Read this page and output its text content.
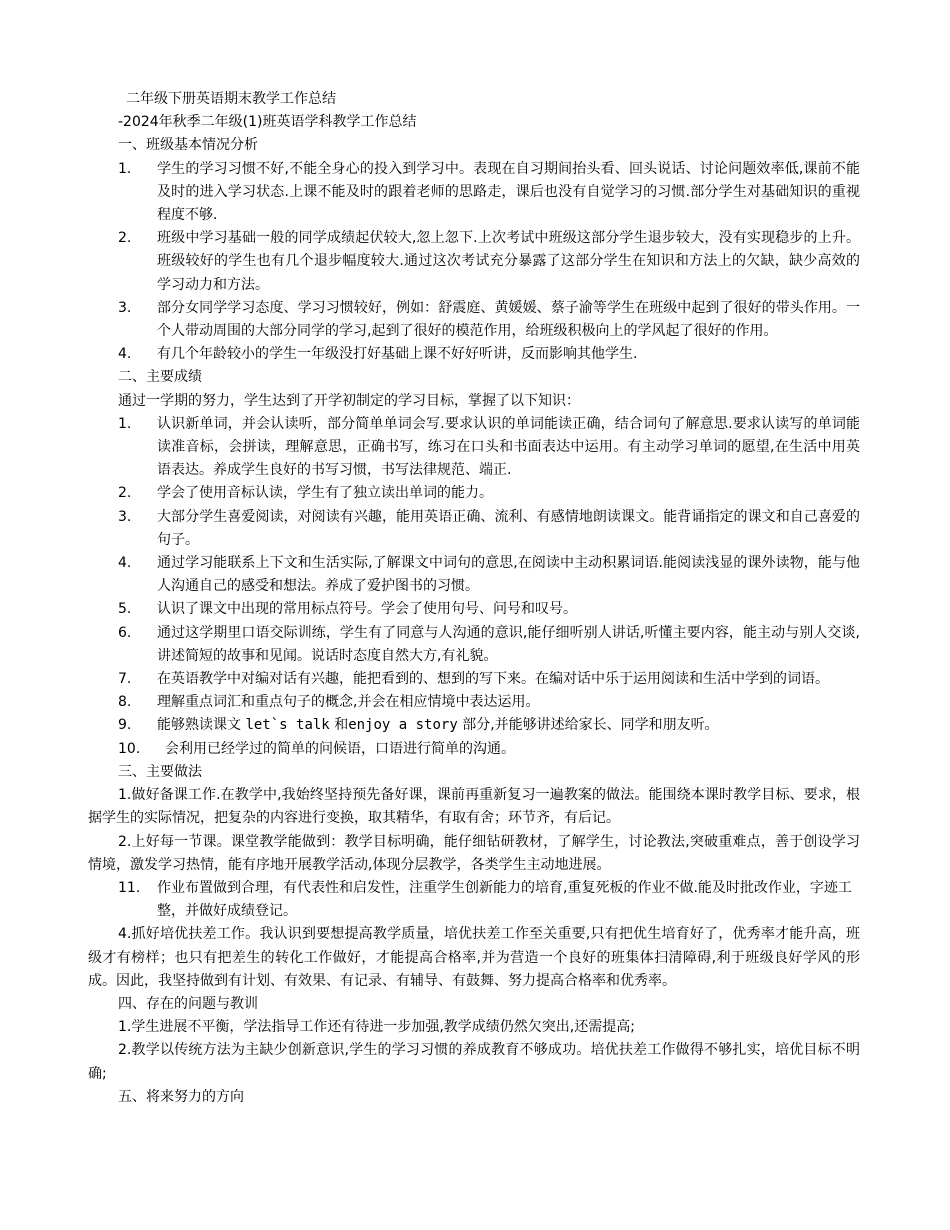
二年级下册英语期末教学工作总结
-2024年秋季二年级(1)班英语学科教学工作总结
一、班级基本情况分析
1.	学生的学习习惯不好,不能全身心的投入到学习中。表现在自习期间抬头看、回头说话、讨论问题效率低,课前不能及时的进入学习状态.上课不能及时的跟着老师的思路走，课后也没有自觉学习的习惯.部分学生对基础知识的重视程度不够.
2.	班级中学习基础一般的同学成绩起伏较大,忽上忽下.上次考试中班级这部分学生退步较大，没有实现稳步的上升。班级较好的学生也有几个退步幅度较大.通过这次考试充分暴露了这部分学生在知识和方法上的欠缺，缺少高效的学习动力和方法。
3.	部分女同学学习态度、学习习惯较好，例如：舒震庭、黄媛媛、蔡子渝等学生在班级中起到了很好的带头作用。一个人带动周围的大部分同学的学习,起到了很好的模范作用，给班级积极向上的学风起了很好的作用。
4.	有几个年龄较小的学生一年级没打好基础上课不好好听讲，反而影响其他学生.
二、主要成绩
通过一学期的努力，学生达到了开学初制定的学习目标，掌握了以下知识：
1.	认识新单词，并会认读听，部分简单单词会写.要求认识的单词能读正确，结合词句了解意思.要求认读写的单词能读准音标，会拼读，理解意思，正确书写，练习在口头和书面表达中运用。有主动学习单词的愿望,在生活中用英语表达。养成学生良好的书写习惯，书写法律规范、端正.
2.	学会了使用音标认读，学生有了独立读出单词的能力。
3.	大部分学生喜爱阅读，对阅读有兴趣，能用英语正确、流利、有感情地朗读课文。能背诵指定的课文和自己喜爱的句子。
4.	通过学习能联系上下文和生活实际,了解课文中词句的意思,在阅读中主动积累词语.能阅读浅显的课外读物，能与他人沟通自己的感受和想法。养成了爱护图书的习惯。
5.	认识了课文中出现的常用标点符号。学会了使用句号、问号和叹号。
6.	通过这学期里口语交际训练，学生有了同意与人沟通的意识,能仔细听别人讲话,听懂主要内容，能主动与别人交谈,讲述简短的故事和见闻。说话时态度自然大方,有礼貌。
7.	在英语教学中对编对话有兴趣，能把看到的、想到的写下来。在编对话中乐于运用阅读和生活中学到的词语。
8.	理解重点词汇和重点句子的概念,并会在相应情境中表达运用。
9.	能够熟读课文 let`s talk 和enjoy a story 部分,并能够讲述给家长、同学和朋友听。
10.	会利用已经学过的简单的问候语，口语进行简单的沟通。
三、主要做法
1.做好备课工作.在教学中,我始终坚持预先备好课，课前再重新复习一遍教案的做法。能围绕本课时教学目标、要求，根据学生的实际情况，把复杂的内容进行变换，取其精华，有取有舍；环节齐，有后记。
2.上好每一节课。课堂教学能做到：教学目标明确，能仔细钻研教材，了解学生，讨论教法,突破重难点，善于创设学习情境，激发学习热情，能有序地开展教学活动,体现分层教学，各类学生主动地进展。
11.	作业布置做到合理，有代表性和启发性，注重学生创新能力的培育,重复死板的作业不做.能及时批改作业，字迹工整，并做好成绩登记。
4.抓好培优扶差工作。我认识到要想提高教学质量，培优扶差工作至关重要,只有把优生培育好了，优秀率才能升高，班级才有榜样；也只有把差生的转化工作做好，才能提高合格率,并为营造一个良好的班集体扫清障碍,利于班级良好学风的形成。因此，我坚持做到有计划、有效果、有记录、有辅导、有鼓舞、努力提高合格率和优秀率。
四、存在的问题与教训
1.学生进展不平衡，学法指导工作还有待进一步加强,教学成绩仍然欠突出,还需提高;
2.教学以传统方法为主缺少创新意识,学生的学习习惯的养成教育不够成功。培优扶差工作做得不够扎实，培优目标不明确;
五、将来努力的方向
